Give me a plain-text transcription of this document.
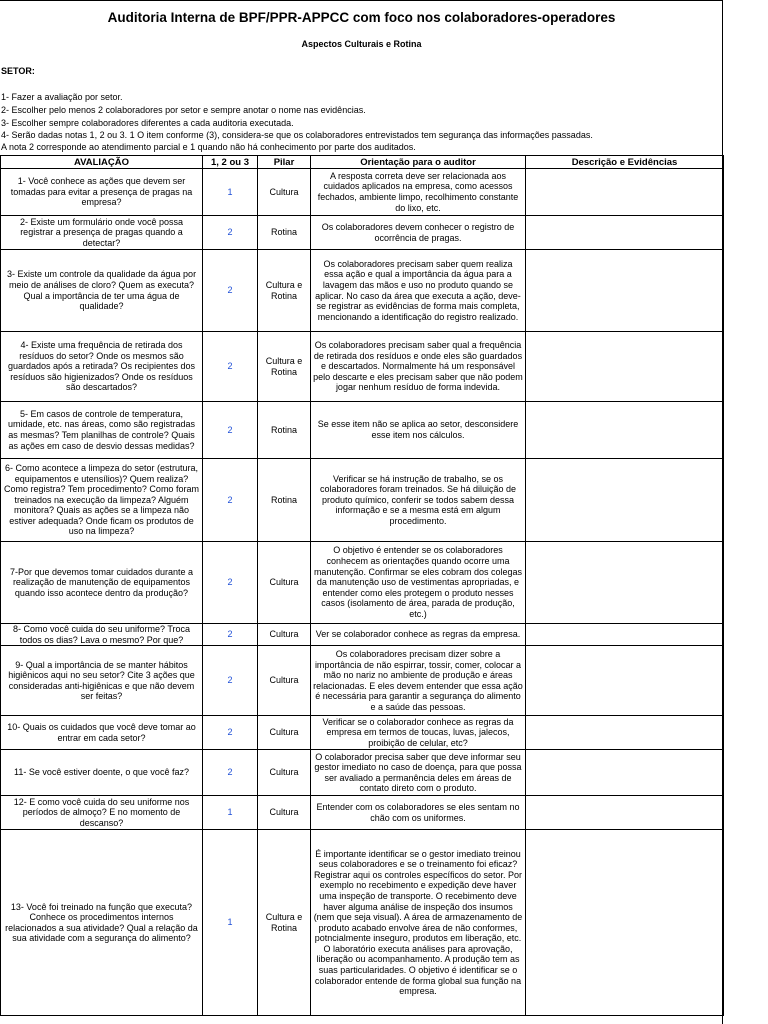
Auditoria Interna de BPF/PPR-APPCC com foco nos colaboradores-operadores
Aspectos Culturais e Rotina
SETOR:
1- Fazer a avaliação por setor.
2- Escolher pelo menos 2 colaboradores por setor e sempre anotar o nome nas evidências.
3- Escolher sempre colaboradores diferentes a cada auditoria executada.
4- Serão dadas notas 1, 2 ou 3. 1 O item conforme (3), considera-se que os colaboradores entrevistados tem segurança das informações passadas.
A nota 2 corresponde ao atendimento parcial e 1 quando não há conhecimento por parte dos auditados.
AVALIAÇÃO	1, 2 ou 3	Pilar	Orientação para o auditor	Descrição e Evidências
1- Você conhece as ações que devem ser tomadas para evitar a presença de pragas na empresa?	1	Cultura	A resposta correta deve ser relacionada aos cuidados aplicados na empresa, como acessos fechados, ambiente limpo, recolhimento constante do lixo, etc.	
2- Existe um formulário onde você possa registrar a presença de pragas quando a detectar?	2	Rotina	Os colaboradores devem conhecer o registro de ocorrência de pragas.	
3- Existe um controle da qualidade da água por meio de análises de cloro? Quem as executa? Qual a importância de ter uma água de qualidade?	2	Cultura e Rotina	Os colaboradores precisam saber quem realiza essa ação e qual a importância da água para a lavagem das mãos e uso no produto quando se aplicar. No caso da área que executa a ação, deve-se registrar as evidências de forma mais completa, mencionando a identificação do registro realizado.	
4- Existe uma frequência de retirada dos resíduos do setor? Onde os mesmos são guardados após a retirada? Os recipientes dos resíduos são higienizados? Onde os resíduos são descartados?	2	Cultura e Rotina	Os colaboradores precisam saber qual a frequência de retirada dos resíduos e onde eles são guardados e descartados. Normalmente há um responsável pelo descarte e eles precisam saber que não podem jogar nenhum resíduo de forma indevida.	
5- Em casos de controle de temperatura, umidade, etc. nas áreas, como são registradas as mesmas? Tem planilhas de controle? Quais as ações em caso de desvio dessas medidas?	2	Rotina	Se esse item não se aplica ao setor, desconsidere esse item nos cálculos.	
6- Como acontece a limpeza do setor (estrutura, equipamentos e utensílios)? Quem realiza? Como registra? Tem procedimento? Como foram treinados na execução da limpeza? Alguém monitora? Quais as ações se a limpeza não estiver adequada? Onde ficam os produtos de uso na limpeza?	2	Rotina	Verificar se há instrução de trabalho, se os colaboradores foram treinados. Se há diluição de produto químico, conferir se todos sabem dessa informação e se a mesma está em algum procedimento.	
7-Por que devemos tomar cuidados durante a realização de manutenção de equipamentos quando isso acontece dentro da produção?	2	Cultura	O objetivo é entender se os colaboradores conhecem as orientações quando ocorre uma manutenção. Confirmar se eles cobram dos colegas da manutenção uso de vestimentas apropriadas, e entender como eles protegem o produto nesses casos (isolamento de área, parada de produção, etc.)	
8- Como você cuida do seu uniforme? Troca todos os dias? Lava o mesmo? Por que?	2	Cultura	Ver se colaborador conhece as regras da empresa.	
9- Qual a importância de se manter hábitos higiênicos aqui no seu setor? Cite 3 ações que consideradas anti-higiênicas e que não devem ser feitas?	2	Cultura	Os colaboradores precisam dizer sobre a importância de não espirrar, tossir, comer, colocar a mão no nariz no ambiente de produção e áreas relacionadas. E eles devem entender que essa ação é necessária para garantir a segurança do alimento e a saúde das pessoas.	
10- Quais os cuidados que você deve tomar ao entrar em cada setor?	2	Cultura	Verificar se o colaborador conhece as regras da empresa em termos de toucas, luvas, jalecos, proibição de celular, etc?	
11- Se você estiver doente, o que você faz?	2	Cultura	O colaborador precisa saber que deve informar seu gestor imediato no caso de doença, para que possa ser avaliado a permanência deles em áreas de contato direto com o produto.	
12- E como você cuida do seu uniforme nos períodos de almoço? E no momento de descanso?	1	Cultura	Entender com os colaboradores se eles sentam no chão com os uniformes.	
13- Você foi treinado na função que executa? Conhece os procedimentos internos relacionados a sua atividade? Qual a relação da sua atividade com a segurança do alimento?	1	Cultura e Rotina	É importante identificar se o gestor imediato treinou seus colaboradores e se o treinamento foi eficaz? Registrar aqui os controles específicos do setor. Por exemplo no recebimento e expedição deve haver uma inspeção de transporte. O recebimento deve haver alguma análise de inspeção dos insumos (nem que seja visual). A área de armazenamento de produto acabado envolve área de não conformes, potncialmente inseguro, produtos em liberação, etc. O laboratório executa análises para aprovação, liberação ou acompanhamento. A produção tem as suas particularidades. O objetivo é identificar se o colaborador entende de forma global sua função na empresa.	
